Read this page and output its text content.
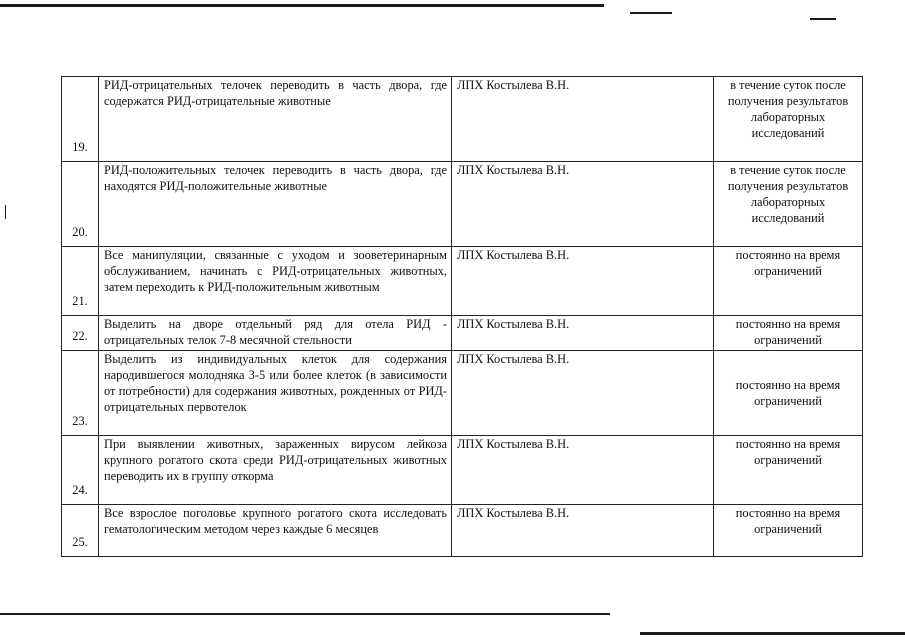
19.	РИД-отрицательных телочек переводить в часть двора, где содержатся РИД-отрицательные животные	ЛПХ Костылева В.Н.	в течение суток после получения результатов лабораторных исследований
20.	РИД-положительных телочек переводить в часть двора, где находятся РИД-положительные животные	ЛПХ Костылева В.Н.	в течение суток после получения результатов лабораторных исследований
21.	Все манипуляции, связанные с уходом и зооветеринарным обслуживанием, начинать с РИД-отрицательных животных, затем переходить к РИД-положительным животным	ЛПХ Костылева В.Н.	постоянно на время ограничений
22.	Выделить на дворе отдельный ряд для отела РИД - отрицательных телок 7-8 месячной стельности	ЛПХ Костылева В.Н.	постоянно на время ограничений
23.	Выделить из индивидуальных клеток для содержания народившегося молодняка 3-5 или более клеток (в зависимости от потребности) для содержания животных, рожденных от РИД-отрицательных первотелок	ЛПХ Костылева В.Н.	постоянно на время ограничений
24.	При выявлении животных, зараженных вирусом лейкоза крупного рогатого скота среди РИД-отрицательных животных переводить их в группу откорма	ЛПХ Костылева В.Н.	постоянно на время ограничений
25.	Все взрослое поголовье крупного рогатого скота исследовать гематологическим методом через каждые 6 месяцев	ЛПХ Костылева В.Н.	постоянно на время ограничений
